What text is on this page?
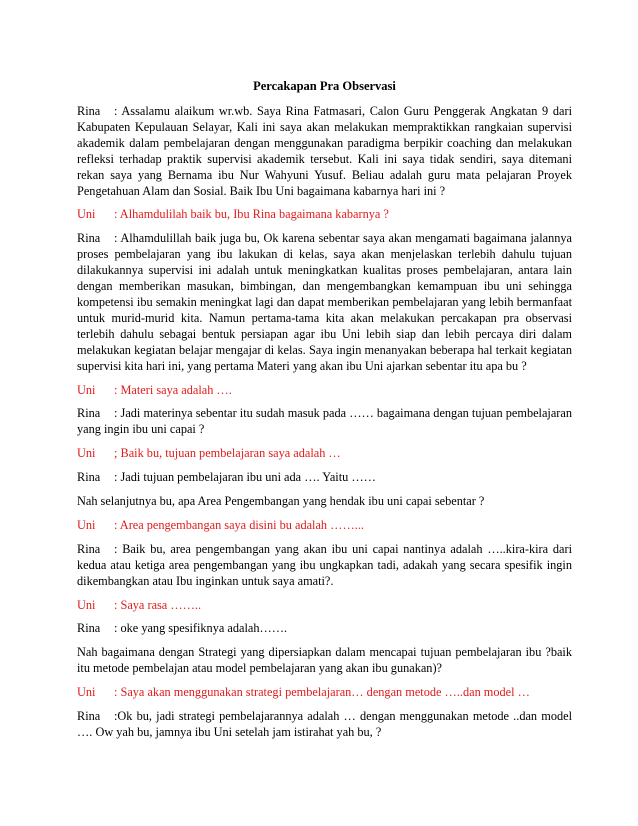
Percakapan Pra Observasi
Rina : Assalamu alaikum wr.wb. Saya Rina Fatmasari, Calon Guru Penggerak Angkatan 9 dari Kabupaten Kepulauan Selayar, Kali ini saya akan melakukan mempraktikkan rangkaian supervisi akademik dalam pembelajaran dengan menggunakan paradigma berpikir coaching dan melakukan refleksi terhadap praktik supervisi akademik tersebut. Kali ini saya tidak sendiri, saya ditemani rekan saya yang Bernama ibu Nur Wahyuni Yusuf. Beliau adalah guru mata pelajaran Proyek Pengetahuan Alam dan Sosial. Baik Ibu Uni bagaimana kabarnya hari ini ?
Uni : Alhamdulilah baik bu, Ibu Rina bagaimana kabarnya ?
Rina : Alhamdulillah baik juga bu, Ok karena sebentar saya akan mengamati bagaimana jalannya proses pembelajaran yang ibu lakukan di kelas, saya akan menjelaskan terlebih dahulu tujuan dilakukannya supervisi ini adalah untuk meningkatkan kualitas proses pembelajaran, antara lain dengan memberikan masukan, bimbingan, dan mengembangkan kemampuan ibu uni sehingga kompetensi ibu semakin meningkat lagi dan dapat memberikan pembelajaran yang lebih bermanfaat untuk murid-murid kita. Namun pertama-tama kita akan melakukan percakapan pra observasi terlebih dahulu sebagai bentuk persiapan agar ibu Uni lebih siap dan lebih percaya diri dalam melakukan kegiatan belajar mengajar di kelas. Saya ingin menanyakan beberapa hal terkait kegiatan supervisi kita hari ini, yang pertama Materi yang akan ibu Uni ajarkan sebentar itu apa bu ?
Uni : Materi saya adalah ….
Rina : Jadi materinya sebentar itu sudah masuk pada …… bagaimana dengan tujuan pembelajaran yang ingin ibu uni capai ?
Uni ; Baik bu, tujuan pembelajaran saya adalah …
Rina : Jadi tujuan pembelajaran ibu uni ada …. Yaitu ……
Nah selanjutnya bu, apa Area Pengembangan yang hendak ibu uni capai sebentar ?
Uni : Area pengembangan saya disini bu adalah ……...
Rina : Baik bu, area pengembangan yang akan ibu uni capai nantinya adalah …..kira-kira dari kedua atau ketiga area pengembangan yang ibu ungkapkan tadi, adakah yang secara spesifik ingin dikembangkan atau Ibu inginkan untuk saya amati?.
Uni : Saya rasa ……..
Rina : oke yang spesifiknya adalah…….
Nah bagaimana dengan Strategi yang dipersiapkan dalam mencapai tujuan pembelajaran ibu ?baik itu metode pembelajan atau model pembelajaran yang akan ibu gunakan)?
Uni : Saya akan menggunakan strategi pembelajaran… dengan metode …..dan model …
Rina :Ok bu, jadi strategi pembelajarannya adalah … dengan menggunakan metode ..dan model …. Ow yah bu, jamnya ibu Uni setelah jam istirahat yah bu, ?
